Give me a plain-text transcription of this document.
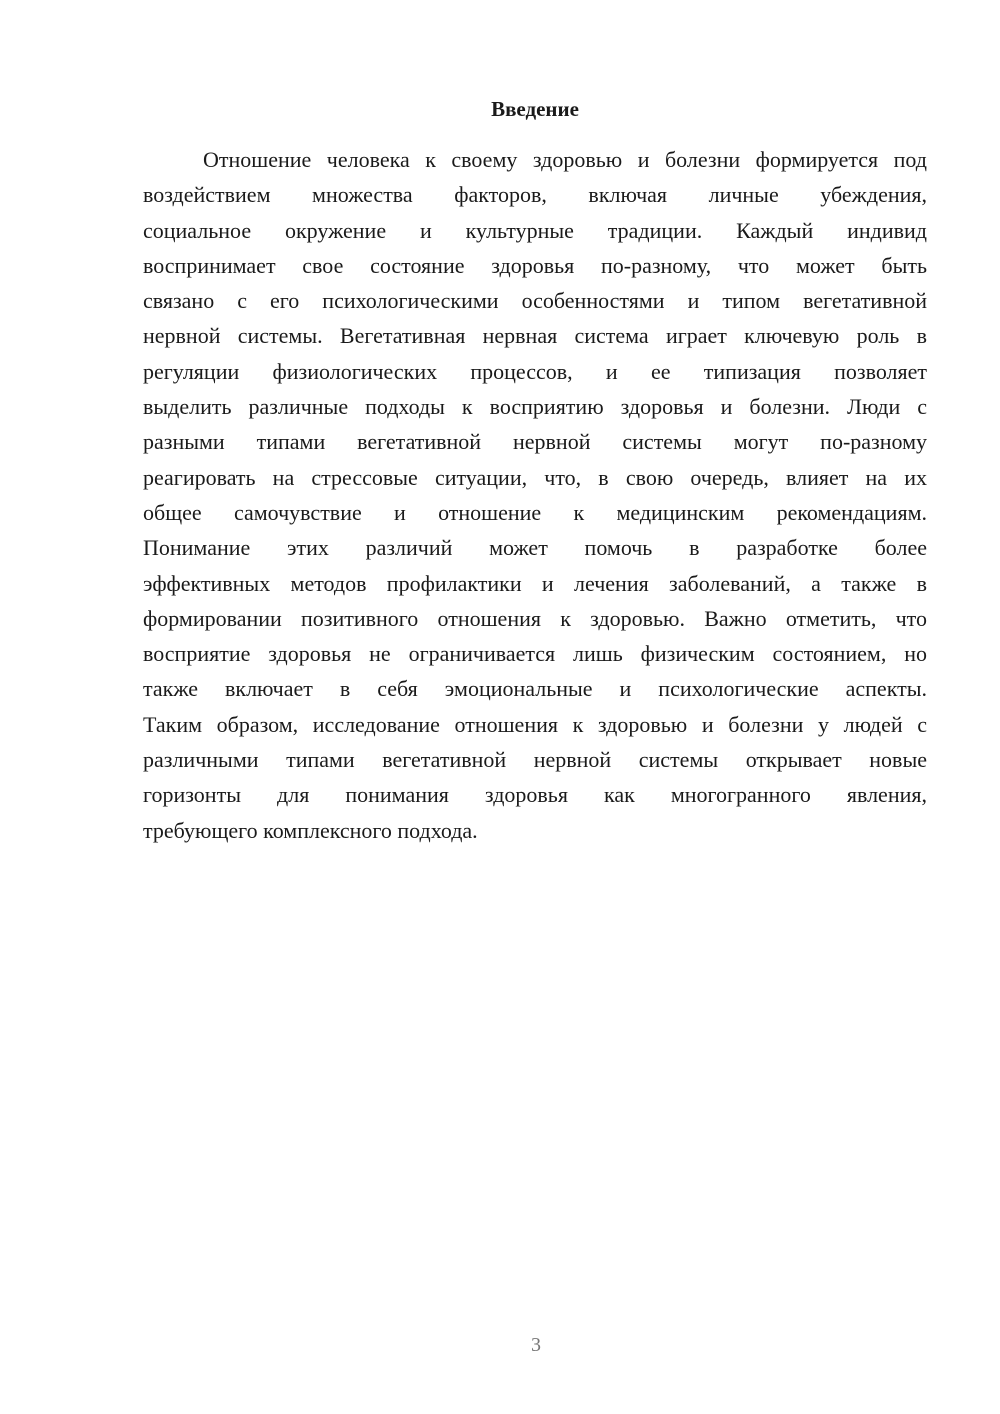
Введение
Отношение человека к своему здоровью и болезни формируется под
воздействием множества факторов, включая личные убеждения,
социальное окружение и культурные традиции. Каждый индивид
воспринимает свое состояние здоровья по-разному, что может быть
связано с его психологическими особенностями и типом вегетативной
нервной системы. Вегетативная нервная система играет ключевую роль в
регуляции физиологических процессов, и ее типизация позволяет
выделить различные подходы к восприятию здоровья и болезни. Люди с
разными типами вегетативной нервной системы могут по-разному
реагировать на стрессовые ситуации, что, в свою очередь, влияет на их
общее самочувствие и отношение к медицинским рекомендациям.
Понимание этих различий может помочь в разработке более
эффективных методов профилактики и лечения заболеваний, а также в
формировании позитивного отношения к здоровью. Важно отметить, что
восприятие здоровья не ограничивается лишь физическим состоянием, но
также включает в себя эмоциональные и психологические аспекты.
Таким образом, исследование отношения к здоровью и болезни у людей с
различными типами вегетативной нервной системы открывает новые
горизонты для понимания здоровья как многогранного явления,
требующего комплексного подхода.
3
